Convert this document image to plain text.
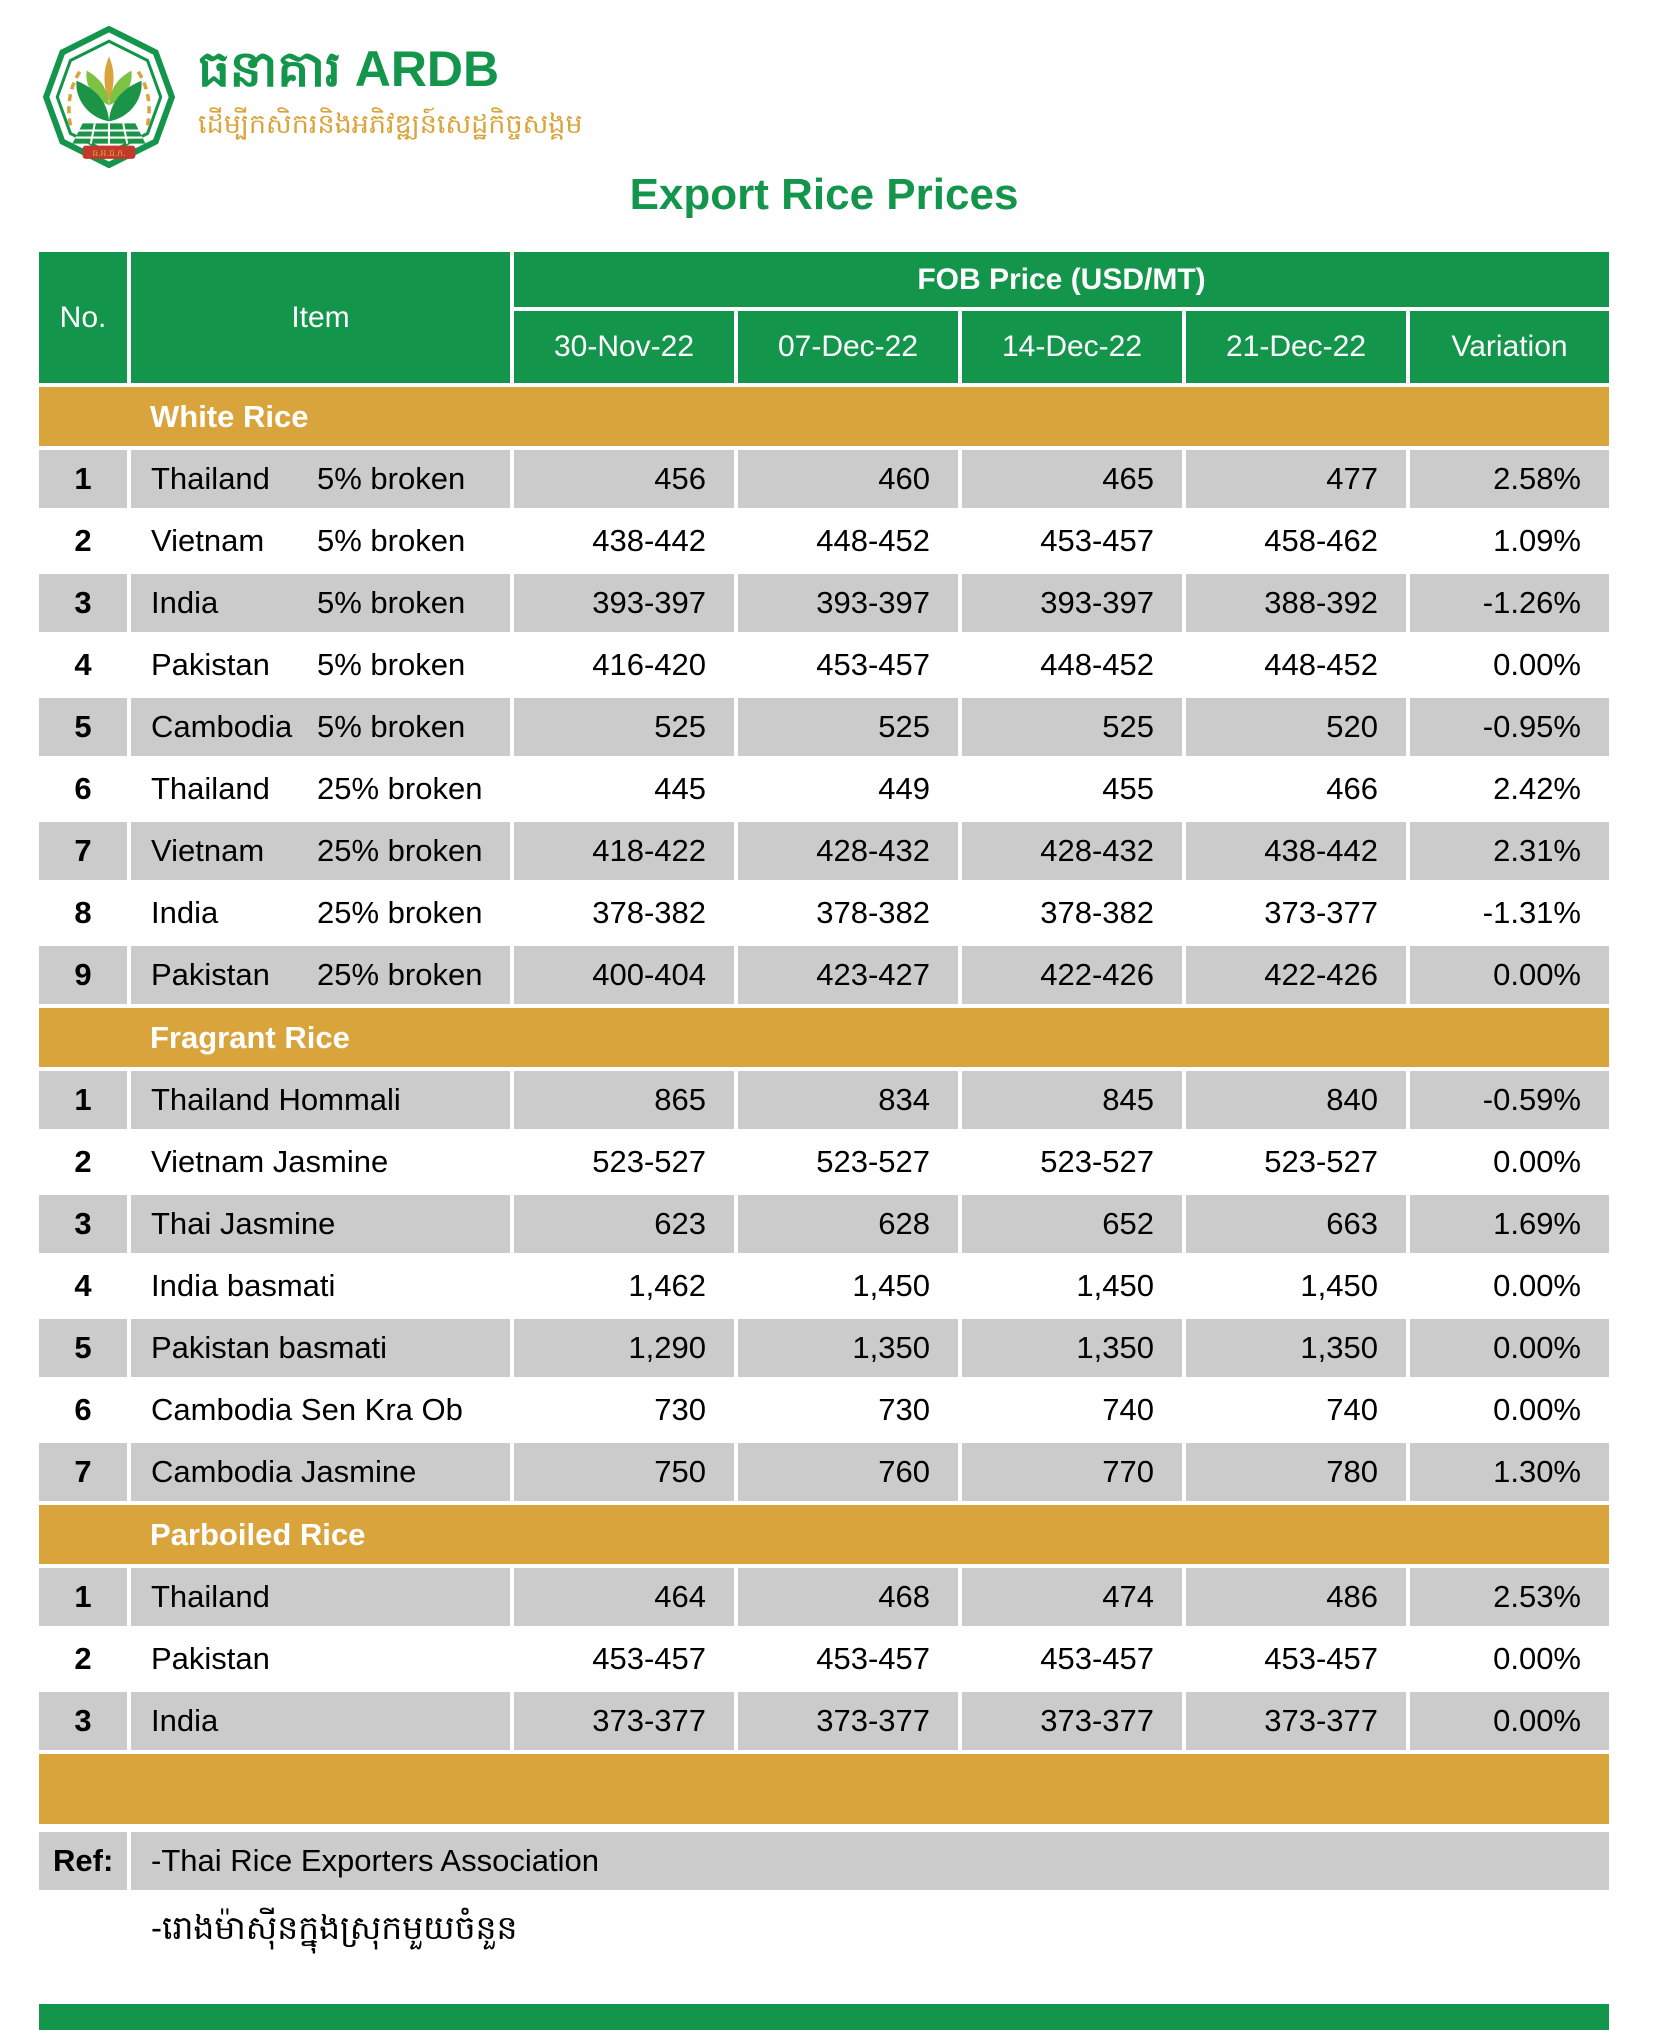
ធ.អ.ជ.ក.
ធនាគារ ARDB
ដើម្បីកសិករនិងអភិវឌ្ឍន៍សេដ្ឋកិច្ចសង្គម
Export Rice Prices
No.	Item
FOB Price (USD/MT)
30-Nov-22	07-Dec-22	14-Dec-22	21-Dec-22	Variation
White Rice
1	Thailand	5% broken	456	460	465	477	2.58%
2	Vietnam	5% broken	438-442	448-452	453-457	458-462	1.09%
3	India	5% broken	393-397	393-397	393-397	388-392	-1.26%
4	Pakistan	5% broken	416-420	453-457	448-452	448-452	0.00%
5	Cambodia 5% broken	525	525	525	520	-0.95%
6	Thailand	25% broken	445	449	455	466	2.42%
7	Vietnam	25% broken	418-422	428-432	428-432	438-442	2.31%
8	India	25% broken	378-382	378-382	378-382	373-377	-1.31%
9	Pakistan	25% broken	400-404	423-427	422-426	422-426	0.00%
Fragrant Rice
1	Thailand Hommali	865	834	845	840	-0.59%
2	Vietnam Jasmine	523-527	523-527	523-527	523-527	0.00%
3	Thai Jasmine	623	628	652	663	1.69%
4	India basmati	1,462	1,450	1,450	1,450	0.00%
5	Pakistan basmati	1,290	1,350	1,350	1,350	0.00%
6	Cambodia Sen Kra Ob	730	730	740	740	0.00%
7	Cambodia Jasmine	750	760	770	780	1.30%
Parboiled Rice
1	Thailand	464	468	474	486	2.53%
2	Pakistan	453-457	453-457	453-457	453-457	0.00%
3	India	373-377	373-377	373-377	373-377	0.00%
Ref:	-Thai Rice Exporters Association
-រោងម៉ាស៊ីនក្នុងស្រុកមួយចំនួន
